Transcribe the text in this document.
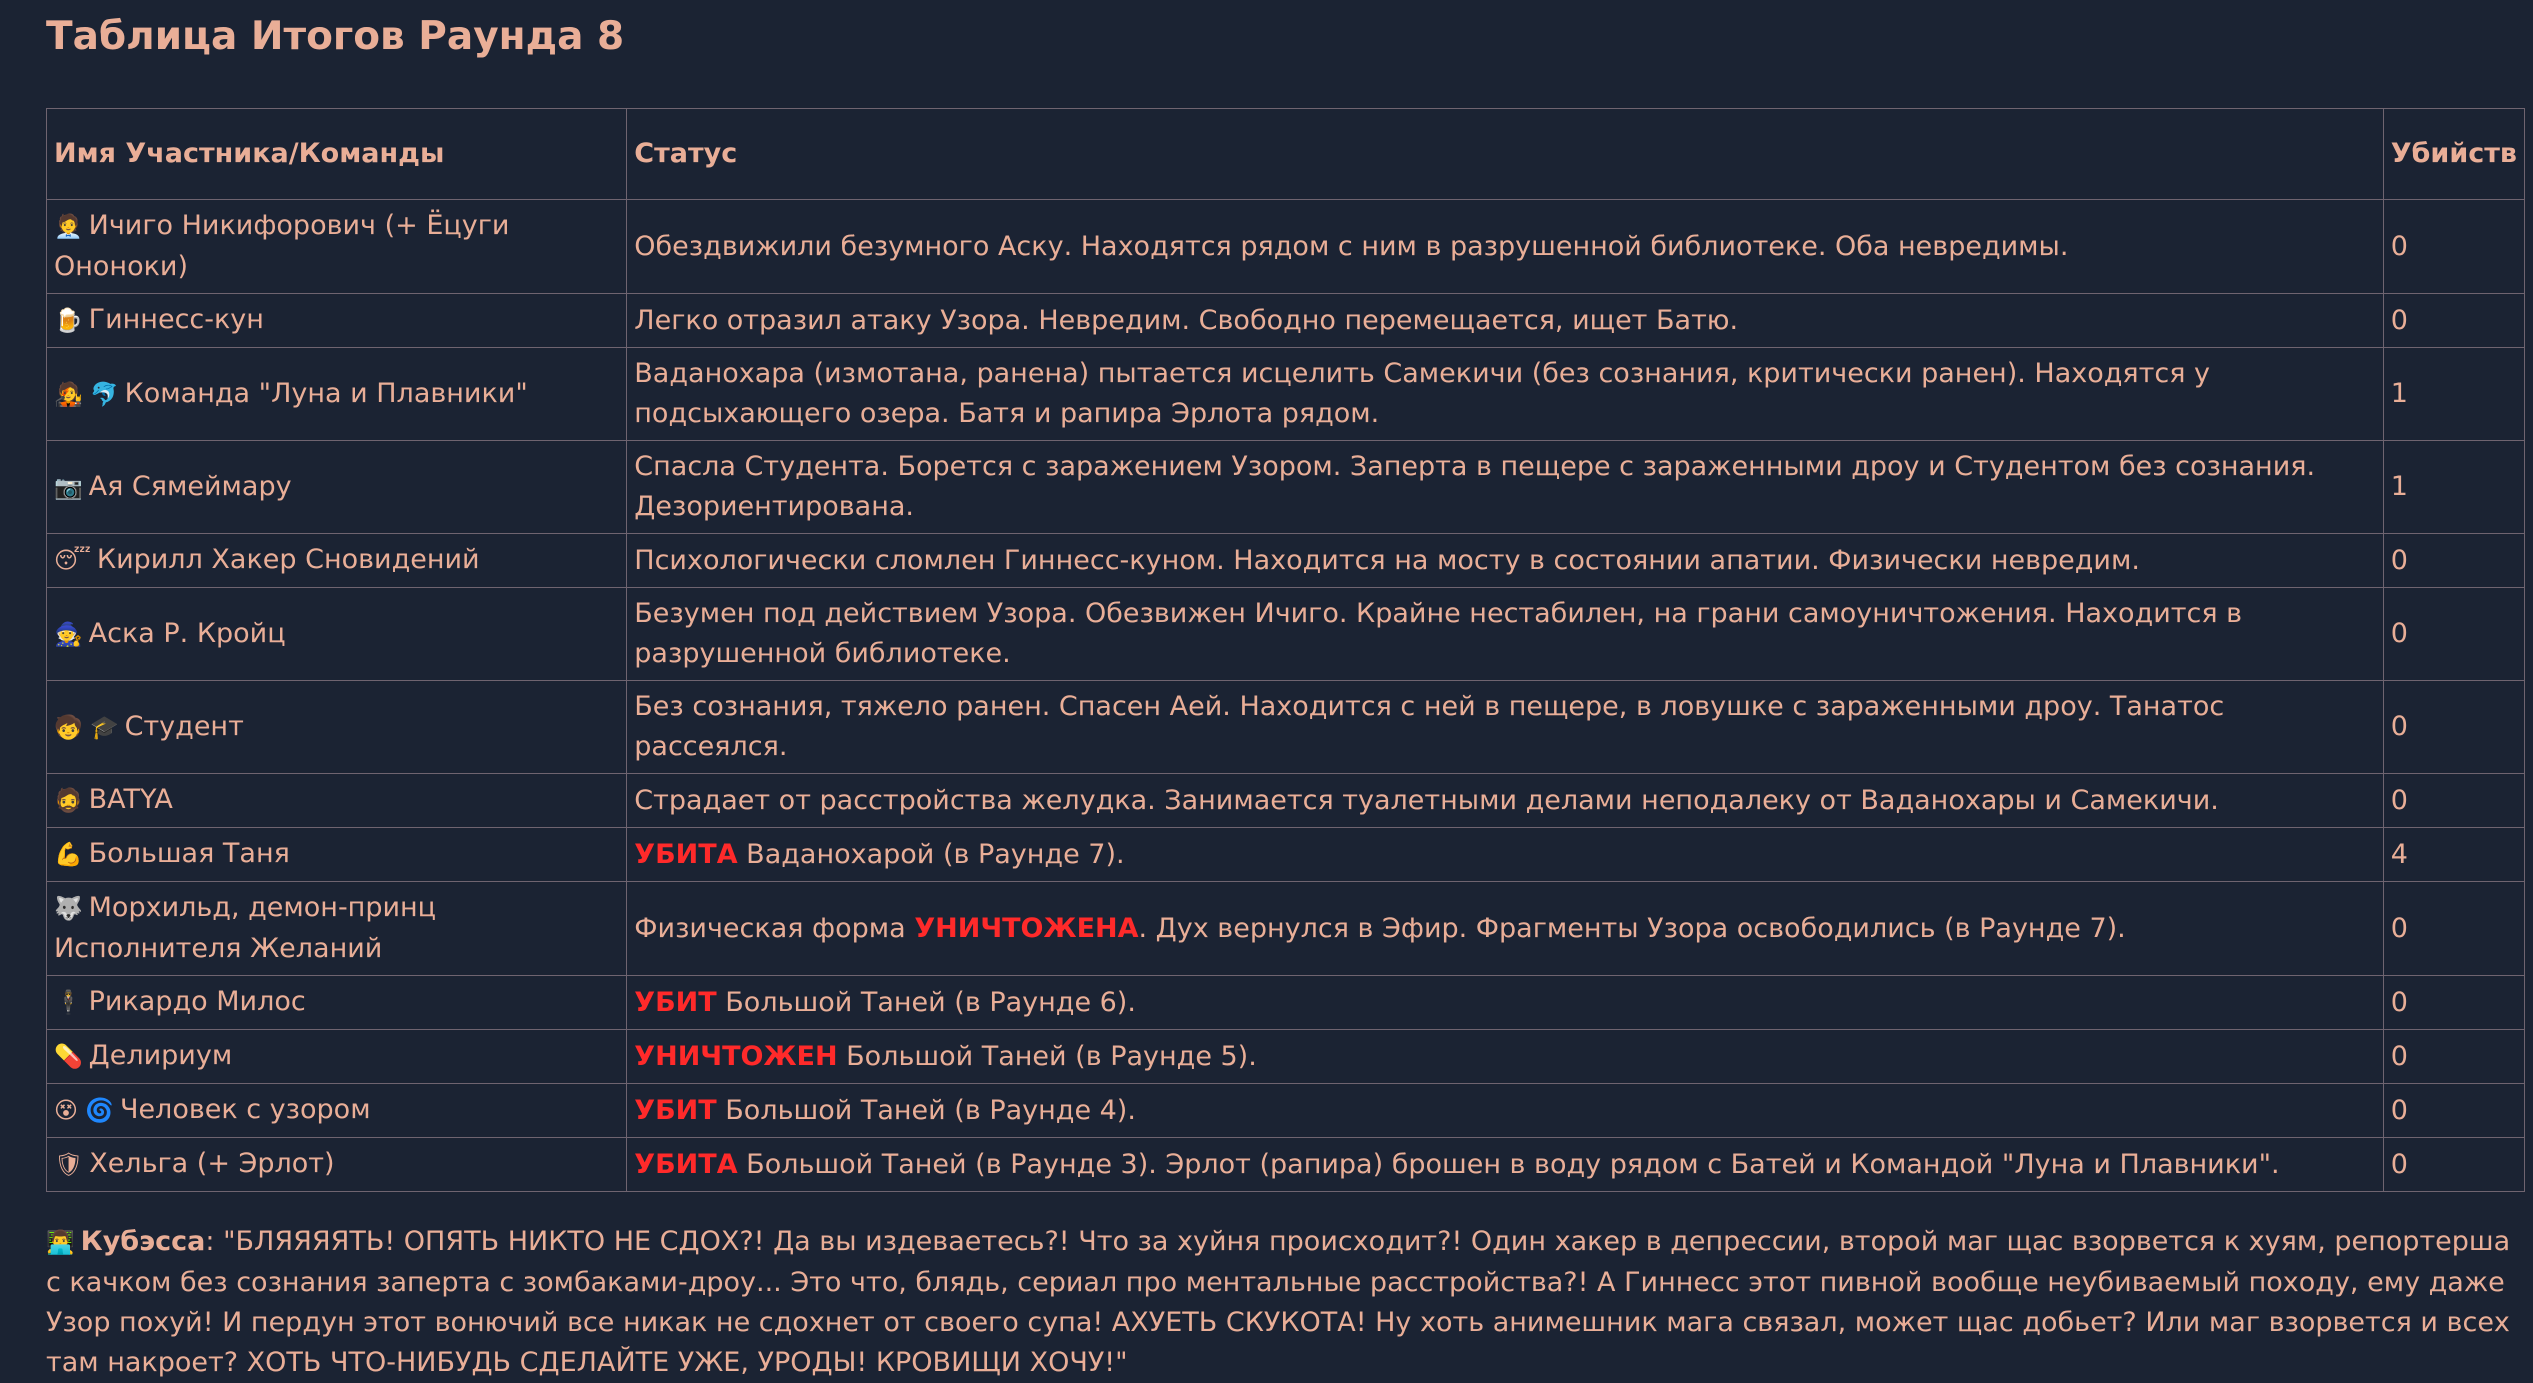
Таблица Итогов Раунда 8
Имя Участника/Команды	Статус	Убийств
🧑‍💼 Ичиго Никифорович (+ Ёцуги Ононоки)	Обездвижили безумного Аску. Находятся рядом с ним в разрушенной библиотеке. Оба невредимы.	0
🍺 Гиннесс-кун	Легко отразил атаку Узора. Невредим. Свободно перемещается, ищет Батю.	0
🧑‍🎤 🐬 Команда "Луна и Плавники"	Ваданохара (измотана, ранена) пытается исцелить Самекичи (без сознания, критически ранен). Находятся у подсыхающего озера. Батя и рапира Эрлота рядом.	1
📷 Ая Сямеймару	Спасла Студента. Борется с заражением Узором. Заперта в пещере с зараженными дроу и Студентом без сознания. Дезориентирована.	1
😴 Кирилл Хакер Сновидений	Психологически сломлен Гиннесс-куном. Находится на мосту в состоянии апатии. Физически невредим.	0
🧙 Аска Р. Кройц	Безумен под действием Узора. Обезвижен Ичиго. Крайне нестабилен, на грани самоуничтожения. Находится в разрушенной библиотеке.	0
🧒 🎓 Студент	Без сознания, тяжело ранен. Спасен Аей. Находится с ней в пещере, в ловушке с зараженными дроу. Танатос рассеялся.	0
🧔 BATYA	Страдает от расстройства желудка. Занимается туалетными делами неподалеку от Ваданохары и Самекичи.	0
💪 Большая Таня	УБИТА Ваданохарой (в Раунде 7).	4
🐺 Морхильд, демон-принц Исполнителя Желаний	Физическая форма УНИЧТОЖЕНА. Дух вернулся в Эфир. Фрагменты Узора освободились (в Раунде 7).	0
🕴 Рикардо Милос	УБИТ Большой Таней (в Раунде 6).	0
💊 Делириум	УНИЧТОЖЕН Большой Таней (в Раунде 5).	0
😵 🌀 Человек с узором	УБИТ Большой Таней (в Раунде 4).	0
🛡 Хельга (+ Эрлот)	УБИТА Большой Таней (в Раунде 3). Эрлот (рапира) брошен в воду рядом с Батей и Командой "Луна и Плавники".	0
👨‍💻 Кубэсса: "БЛЯЯЯЯТЬ! ОПЯТЬ НИКТО НЕ СДОХ?! Да вы издеваетесь?! Что за хуйня происходит?! Один хакер в депрессии, второй маг щас взорвется к хуям, репортерша с качком без сознания заперта с зомбаками-дроу... Это что, блядь, сериал про ментальные расстройства?! А Гиннесс этот пивной вообще неубиваемый походу, ему даже Узор похуй! И пердун этот вонючий все никак не сдохнет от своего супа! АХУЕТЬ СКУКОТА! Ну хоть анимешник мага связал, может щас добьет? Или маг взорвется и всех там накроет? ХОТЬ ЧТО-НИБУДЬ СДЕЛАЙТЕ УЖЕ, УРОДЫ! КРОВИЩИ ХОЧУ!"
